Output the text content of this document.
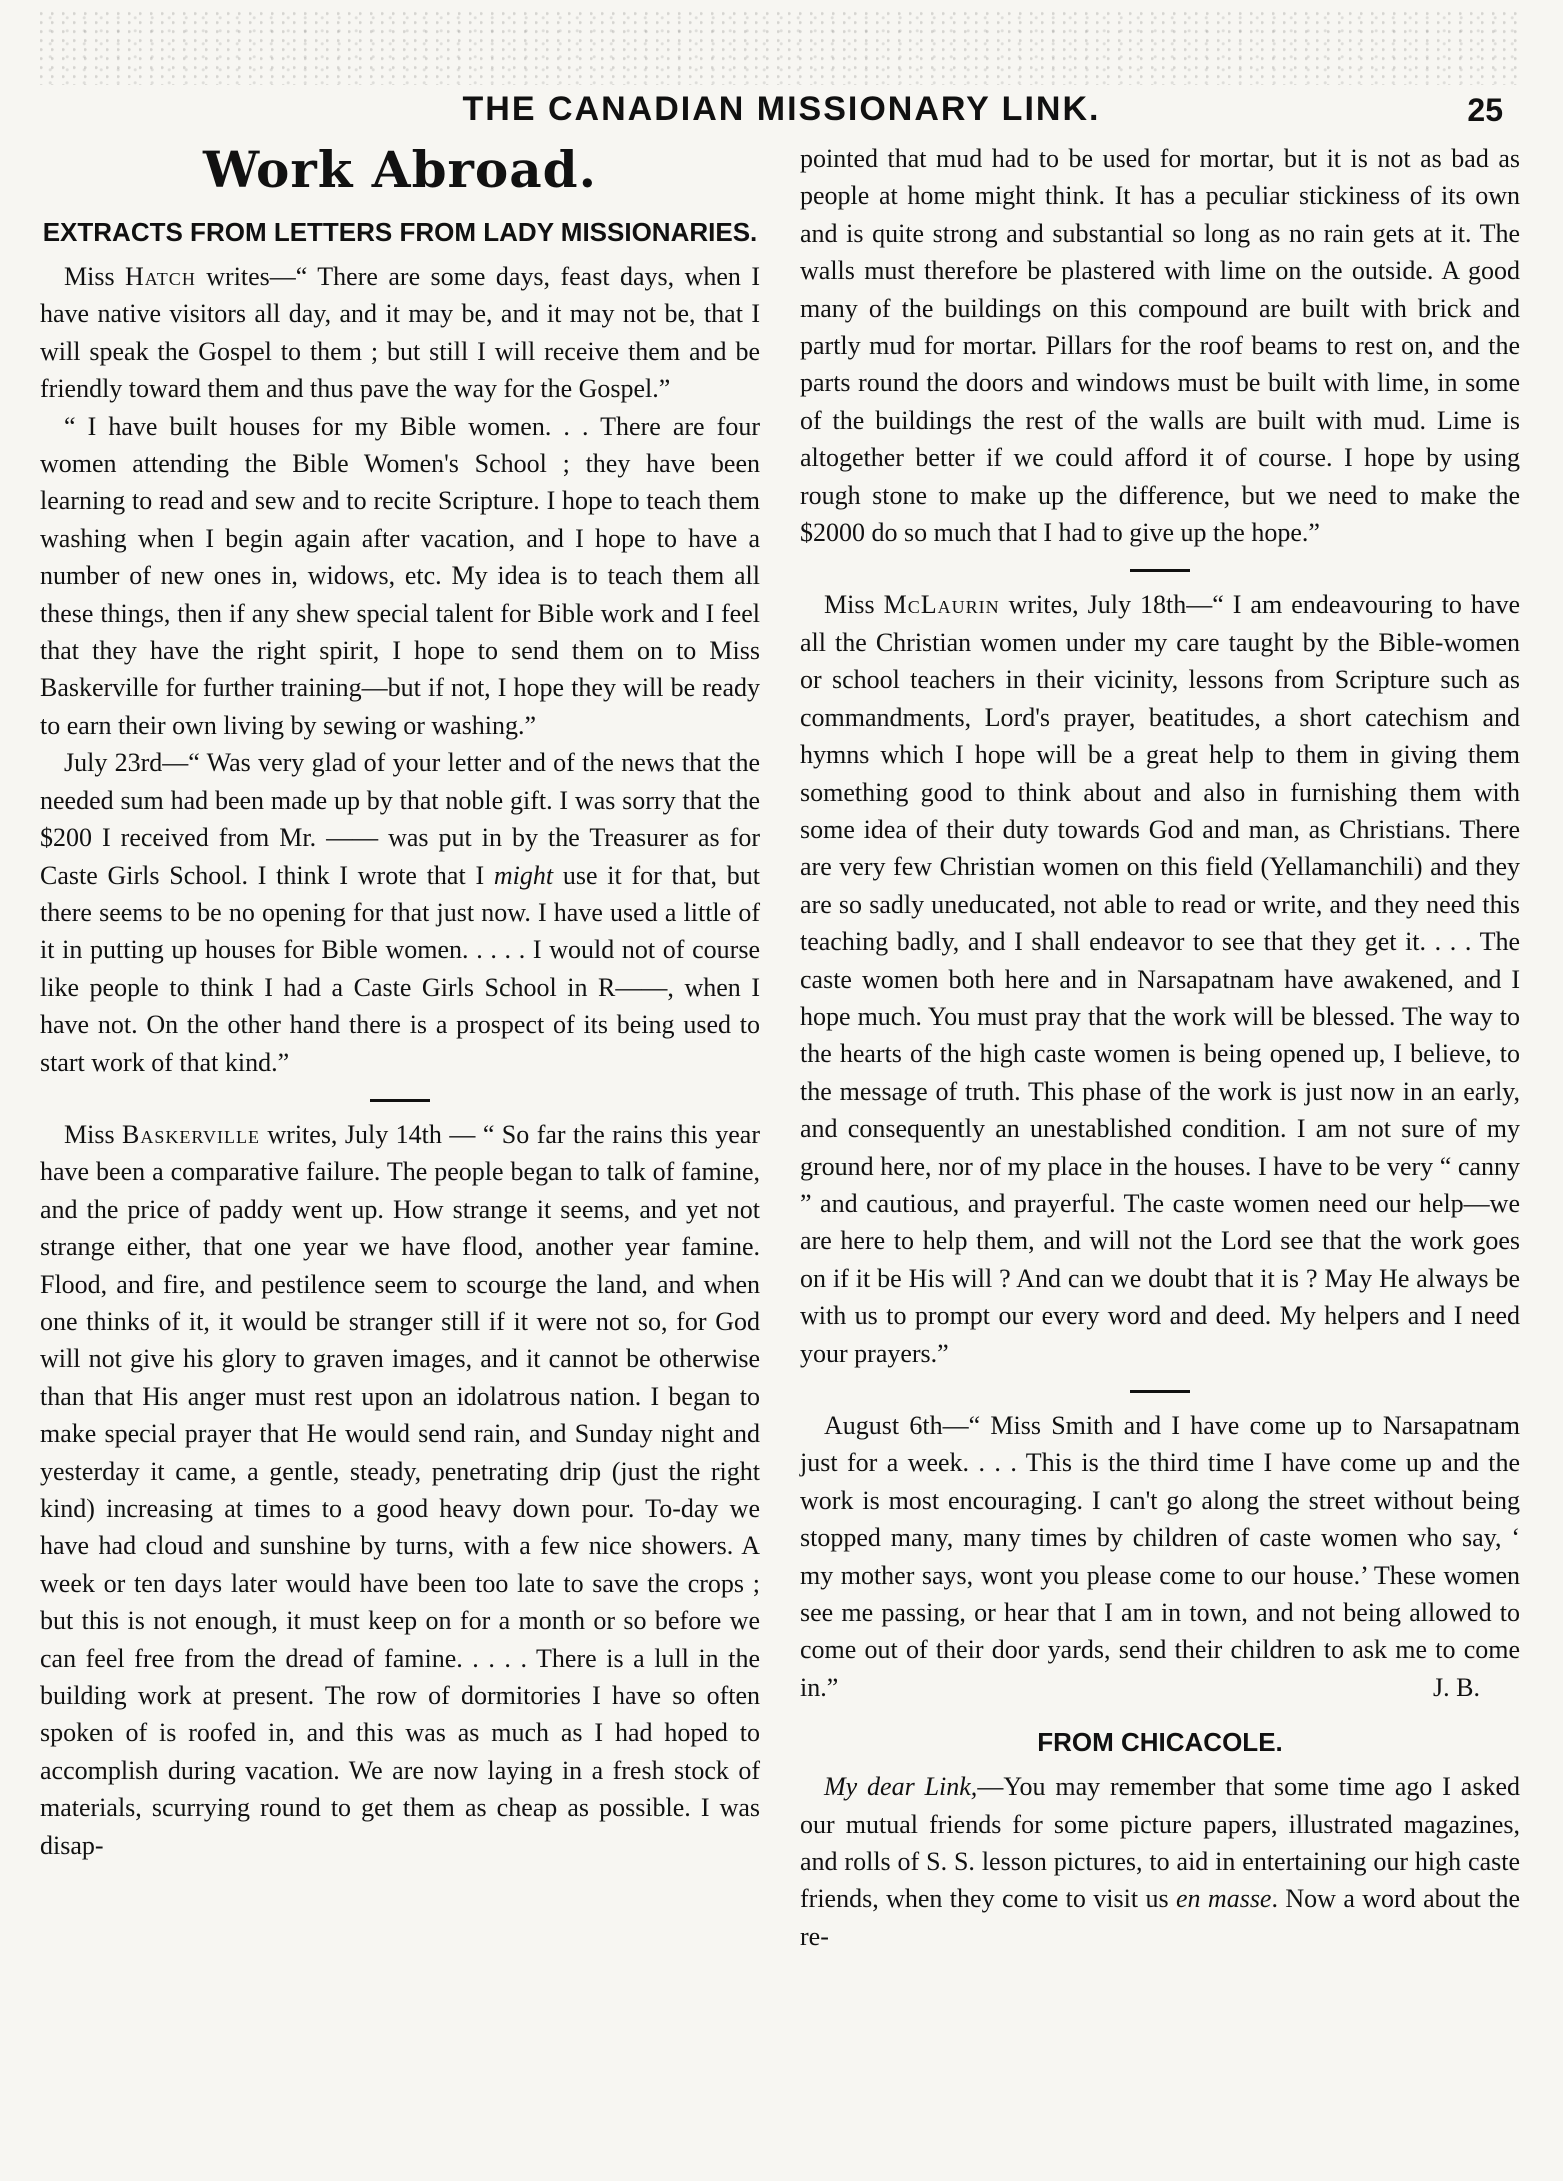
THE CANADIAN MISSIONARY LINK.	25
Work Abroad.
EXTRACTS FROM LETTERS FROM LADY MISSIONARIES.

Miss Hatch writes—“ There are some days, feast days, when I have native visitors all day, and it may be, and it may not be, that I will speak the Gospel to them ; but still I will receive them and be friendly toward them and thus pave the way for the Gospel.”

“ I have built houses for my Bible women. . . There are four women attending the Bible Women's School ; they have been learning to read and sew and to recite Scripture. I hope to teach them washing when I begin again after vacation, and I hope to have a number of new ones in, widows, etc. My idea is to teach them all these things, then if any shew special talent for Bible work and I feel that they have the right spirit, I hope to send them on to Miss Baskerville for further training—but if not, I hope they will be ready to earn their own living by sewing or washing.”

July 23rd—“ Was very glad of your letter and of the news that the needed sum had been made up by that noble gift. I was sorry that the $200 I received from Mr. —— was put in by the Treasurer as for Caste Girls School. I think I wrote that I might use it for that, but there seems to be no opening for that just now. I have used a little of it in putting up houses for Bible women. . . . . I would not of course like people to think I had a Caste Girls School in R——, when I have not. On the other hand there is a prospect of its being used to start work of that kind.”

Miss Baskerville writes, July 14th — “ So far the rains this year have been a comparative failure. The people began to talk of famine, and the price of paddy went up. How strange it seems, and yet not strange either, that one year we have flood, another year famine. Flood, and fire, and pestilence seem to scourge the land, and when one thinks of it, it would be stranger still if it were not so, for God will not give his glory to graven images, and it cannot be otherwise than that His anger must rest upon an idolatrous nation. I began to make special prayer that He would send rain, and Sunday night and yesterday it came, a gentle, steady, penetrating drip (just the right kind) increasing at times to a good heavy down pour. To-day we have had cloud and sunshine by turns, with a few nice showers. A week or ten days later would have been too late to save the crops ; but this is not enough, it must keep on for a month or so before we can feel free from the dread of famine. . . . . There is a lull in the building work at present. The row of dormitories I have so often spoken of is roofed in, and this was as much as I had hoped to accomplish during vacation. We are now laying in a fresh stock of materials, scurrying round to get them as cheap as possible. I was disap-

pointed that mud had to be used for mortar, but it is not as bad as people at home might think. It has a peculiar stickiness of its own and is quite strong and substantial so long as no rain gets at it. The walls must therefore be plastered with lime on the outside. A good many of the buildings on this compound are built with brick and partly mud for mortar. Pillars for the roof beams to rest on, and the parts round the doors and windows must be built with lime, in some of the buildings the rest of the walls are built with mud. Lime is altogether better if we could afford it of course. I hope by using rough stone to make up the difference, but we need to make the $2000 do so much that I had to give up the hope.”

Miss McLaurin writes, July 18th—“ I am endeavouring to have all the Christian women under my care taught by the Bible-women or school teachers in their vicinity, lessons from Scripture such as commandments, Lord's prayer, beatitudes, a short catechism and hymns which I hope will be a great help to them in giving them something good to think about and also in furnishing them with some idea of their duty towards God and man, as Christians. There are very few Christian women on this field (Yellamanchili) and they are so sadly uneducated, not able to read or write, and they need this teaching badly, and I shall endeavor to see that they get it. . . . The caste women both here and in Narsapatnam have awakened, and I hope much. You must pray that the work will be blessed. The way to the hearts of the high caste women is being opened up, I believe, to the message of truth. This phase of the work is just now in an early, and consequently an unestablished condition. I am not sure of my ground here, nor of my place in the houses. I have to be very “ canny ” and cautious, and prayerful. The caste women need our help—we are here to help them, and will not the Lord see that the work goes on if it be His will ? And can we doubt that it is ? May He always be with us to prompt our every word and deed. My helpers and I need your prayers.”

August 6th—“ Miss Smith and I have come up to Narsapatnam just for a week. . . . This is the third time I have come up and the work is most encouraging. I can't go along the street without being stopped many, many times by children of caste women who say, ‘ my mother says, wont you please come to our house.’ These women see me passing, or hear that I am in town, and not being allowed to come out of their door yards, send their children to ask me to come in.”	J. B.

FROM CHICACOLE.

My dear Link,—You may remember that some time ago I asked our mutual friends for some picture papers, illustrated magazines, and rolls of S. S. lesson pictures, to aid in entertaining our high caste friends, when they come to visit us en masse. Now a word about the re-
